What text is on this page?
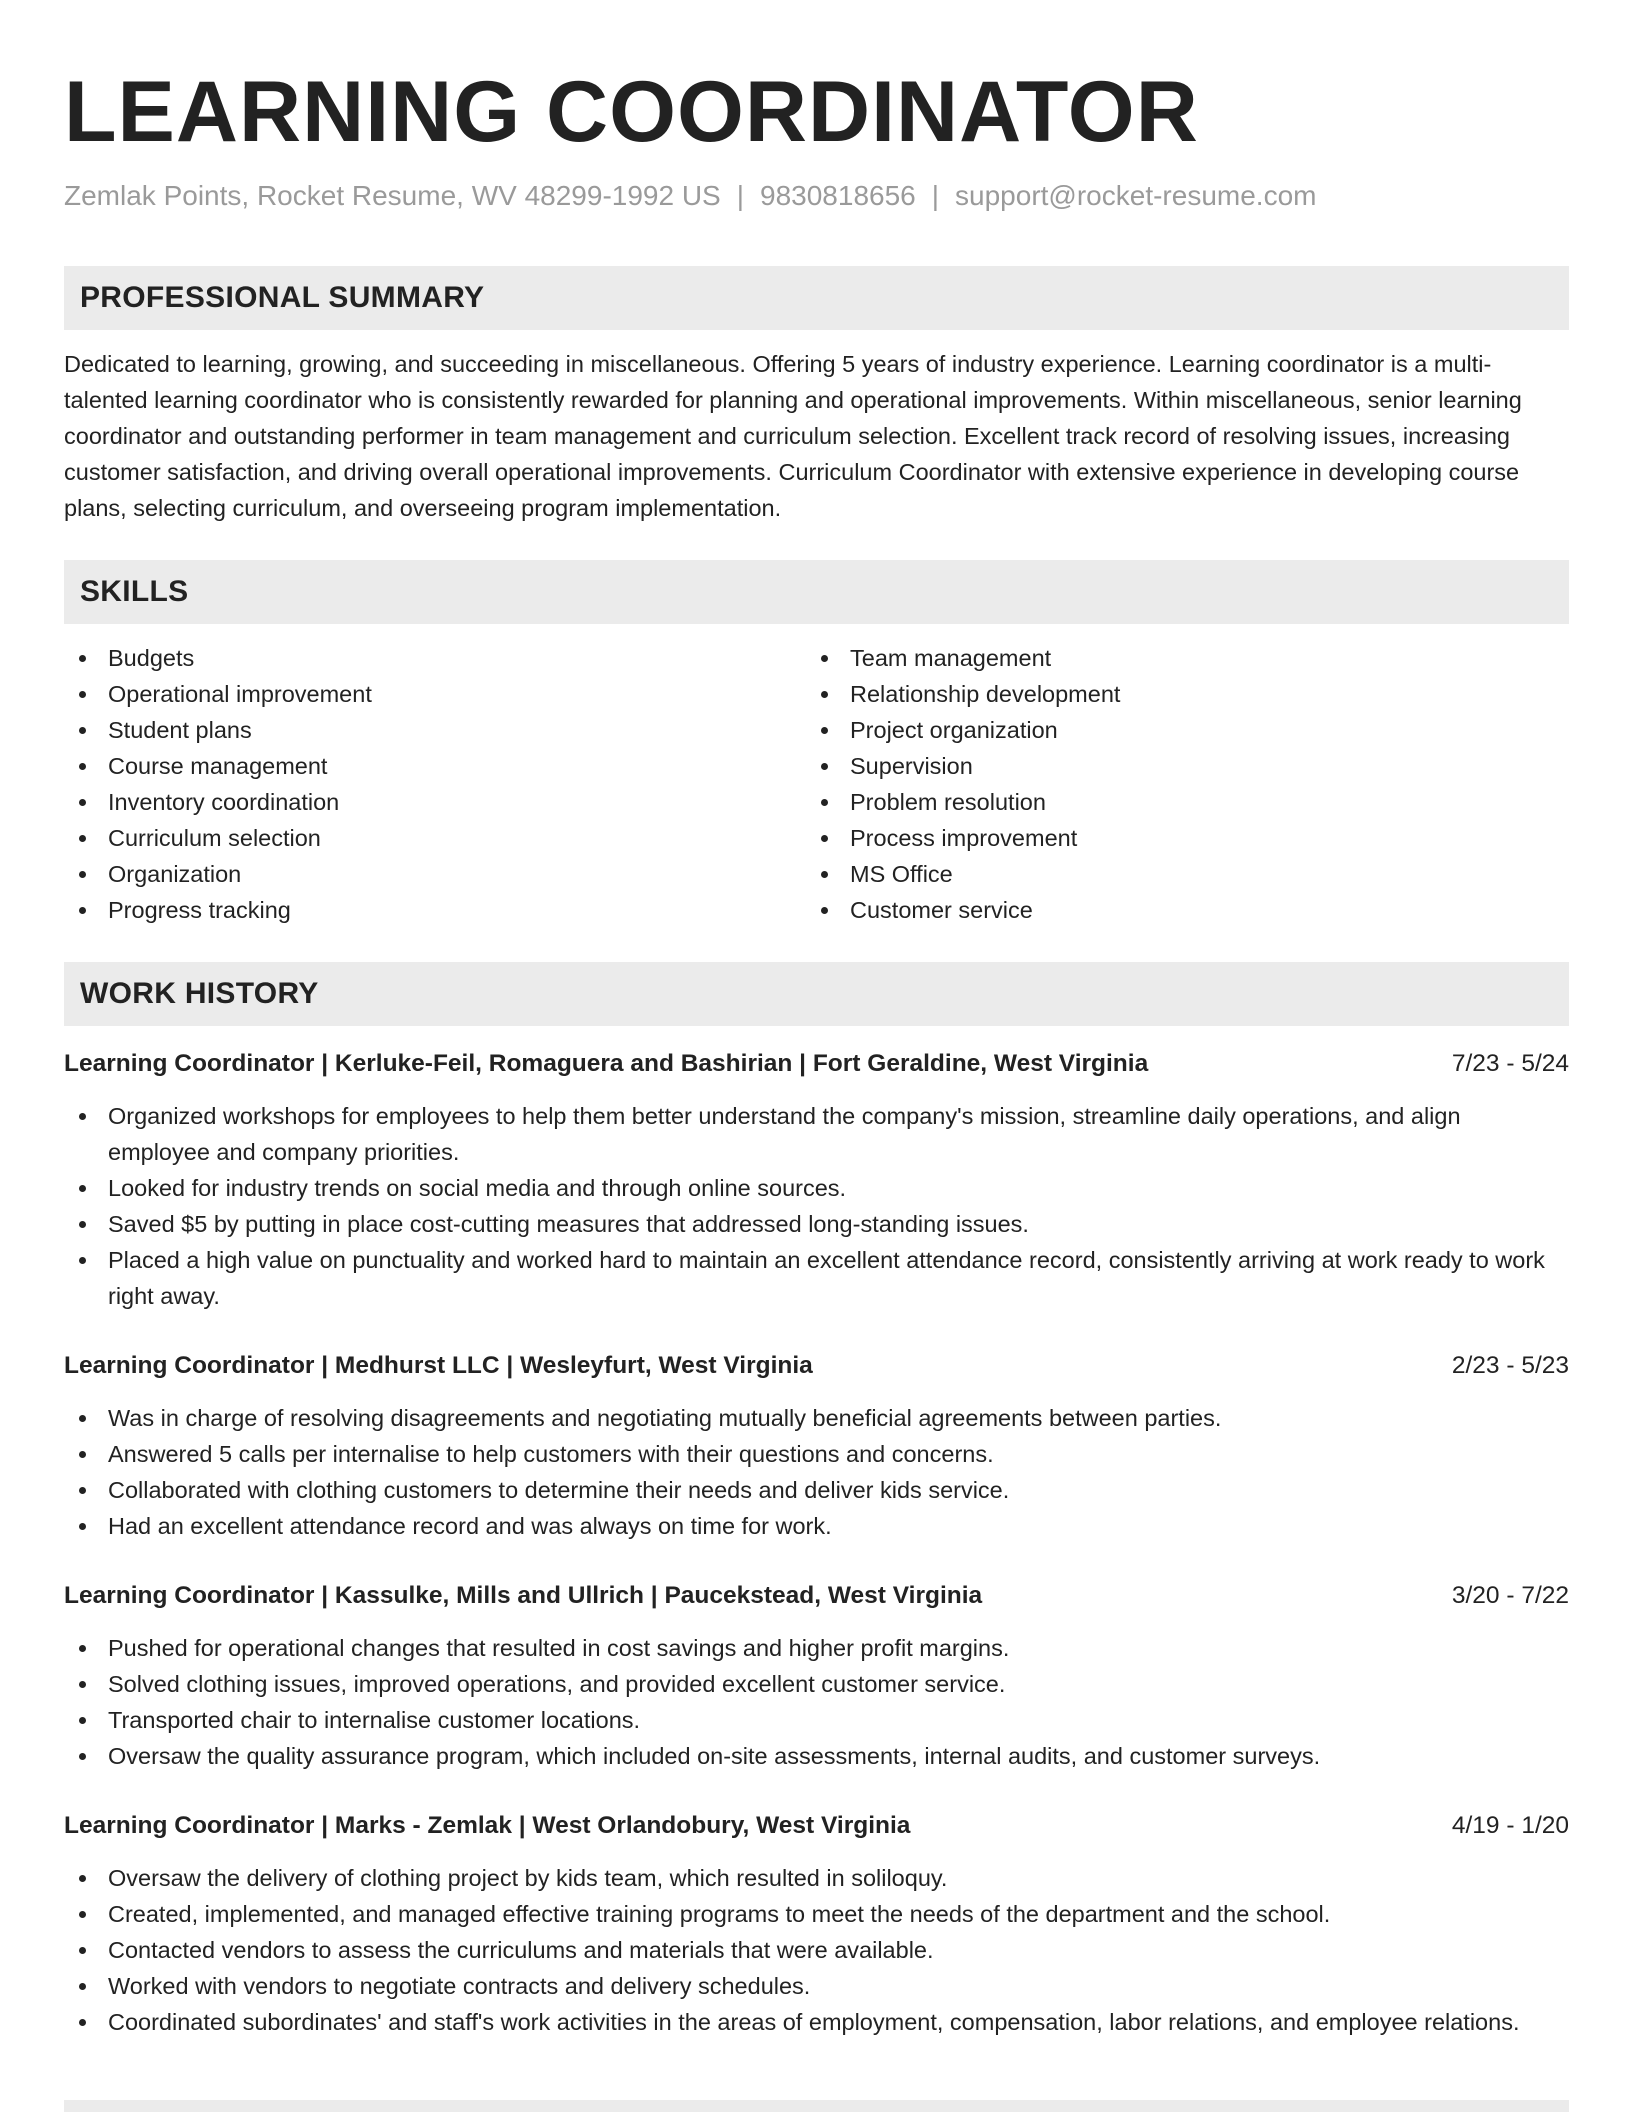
LEARNING COORDINATOR
Zemlak Points, Rocket Resume, WV 48299-1992 US | 9830818656 | support@rocket-resume.com
PROFESSIONAL SUMMARY
Dedicated to learning, growing, and succeeding in miscellaneous. Offering 5 years of industry experience. Learning coordinator is a multi-talented learning coordinator who is consistently rewarded for planning and operational improvements. Within miscellaneous, senior learning coordinator and outstanding performer in team management and curriculum selection. Excellent track record of resolving issues, increasing customer satisfaction, and driving overall operational improvements. Curriculum Coordinator with extensive experience in developing course plans, selecting curriculum, and overseeing program implementation.
SKILLS
Budgets
Operational improvement
Student plans
Course management
Inventory coordination
Curriculum selection
Organization
Progress tracking
Team management
Relationship development
Project organization
Supervision
Problem resolution
Process improvement
MS Office
Customer service
WORK HISTORY
Learning Coordinator | Kerluke-Feil, Romaguera and Bashirian | Fort Geraldine, West Virginia	7/23 - 5/24
Organized workshops for employees to help them better understand the company's mission, streamline daily operations, and align employee and company priorities.
Looked for industry trends on social media and through online sources.
Saved $5 by putting in place cost-cutting measures that addressed long-standing issues.
Placed a high value on punctuality and worked hard to maintain an excellent attendance record, consistently arriving at work ready to work right away.
Learning Coordinator | Medhurst LLC | Wesleyfurt, West Virginia	2/23 - 5/23
Was in charge of resolving disagreements and negotiating mutually beneficial agreements between parties.
Answered 5 calls per internalise to help customers with their questions and concerns.
Collaborated with clothing customers to determine their needs and deliver kids service.
Had an excellent attendance record and was always on time for work.
Learning Coordinator | Kassulke, Mills and Ullrich | Paucekstead, West Virginia	3/20 - 7/22
Pushed for operational changes that resulted in cost savings and higher profit margins.
Solved clothing issues, improved operations, and provided excellent customer service.
Transported chair to internalise customer locations.
Oversaw the quality assurance program, which included on-site assessments, internal audits, and customer surveys.
Learning Coordinator | Marks - Zemlak | West Orlandobury, West Virginia	4/19 - 1/20
Oversaw the delivery of clothing project by kids team, which resulted in soliloquy.
Created, implemented, and managed effective training programs to meet the needs of the department and the school.
Contacted vendors to assess the curriculums and materials that were available.
Worked with vendors to negotiate contracts and delivery schedules.
Coordinated subordinates' and staff's work activities in the areas of employment, compensation, labor relations, and employee relations.
